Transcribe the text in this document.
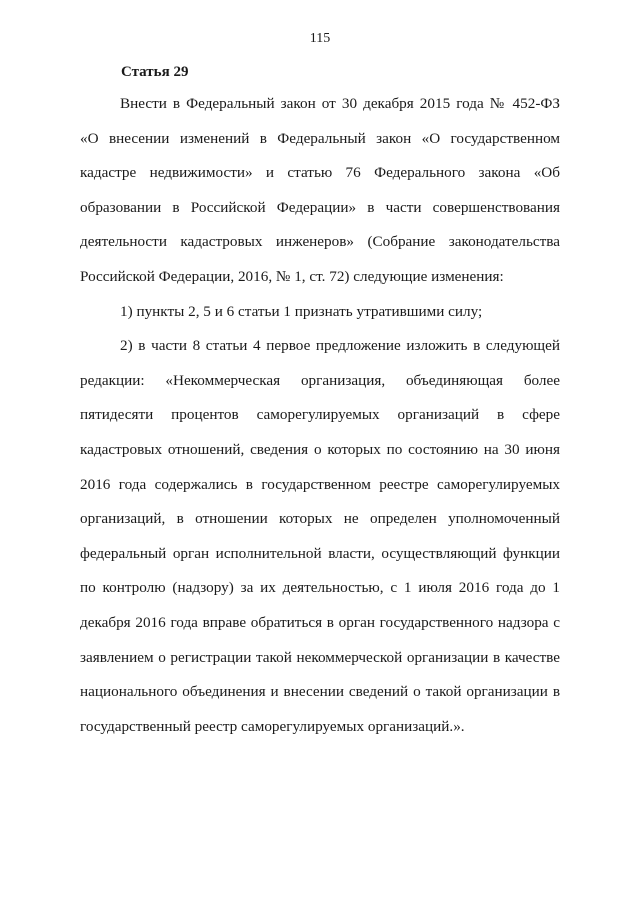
115
Статья 29
Внести в Федеральный закон от 30 декабря 2015 года № 452-ФЗ
«О внесении изменений в Федеральный закон «О государственном
кадастре недвижимости» и статью 76 Федерального закона «Об
образовании в Российской Федерации» в части совершенствования
деятельности кадастровых инженеров» (Собрание законодательства
Российской Федерации, 2016, № 1, ст. 72) следующие изменения:
1) пункты 2, 5 и 6 статьи 1 признать утратившими силу;
2) в части 8 статьи 4 первое предложение изложить в следующей
редакции: «Некоммерческая организация, объединяющая более
пятидесяти процентов саморегулируемых организаций в сфере
кадастровых отношений, сведения о которых по состоянию на 30 июня
2016 года содержались в государственном реестре саморегулируемых
организаций, в отношении которых не определен уполномоченный
федеральный орган исполнительной власти, осуществляющий функции
по контролю (надзору) за их деятельностью, с 1 июля 2016 года до 1
декабря 2016 года вправе обратиться в орган государственного надзора с
заявлением о регистрации такой некоммерческой организации в качестве
национального объединения и внесении сведений о такой организации в
государственный реестр саморегулируемых организаций.».
